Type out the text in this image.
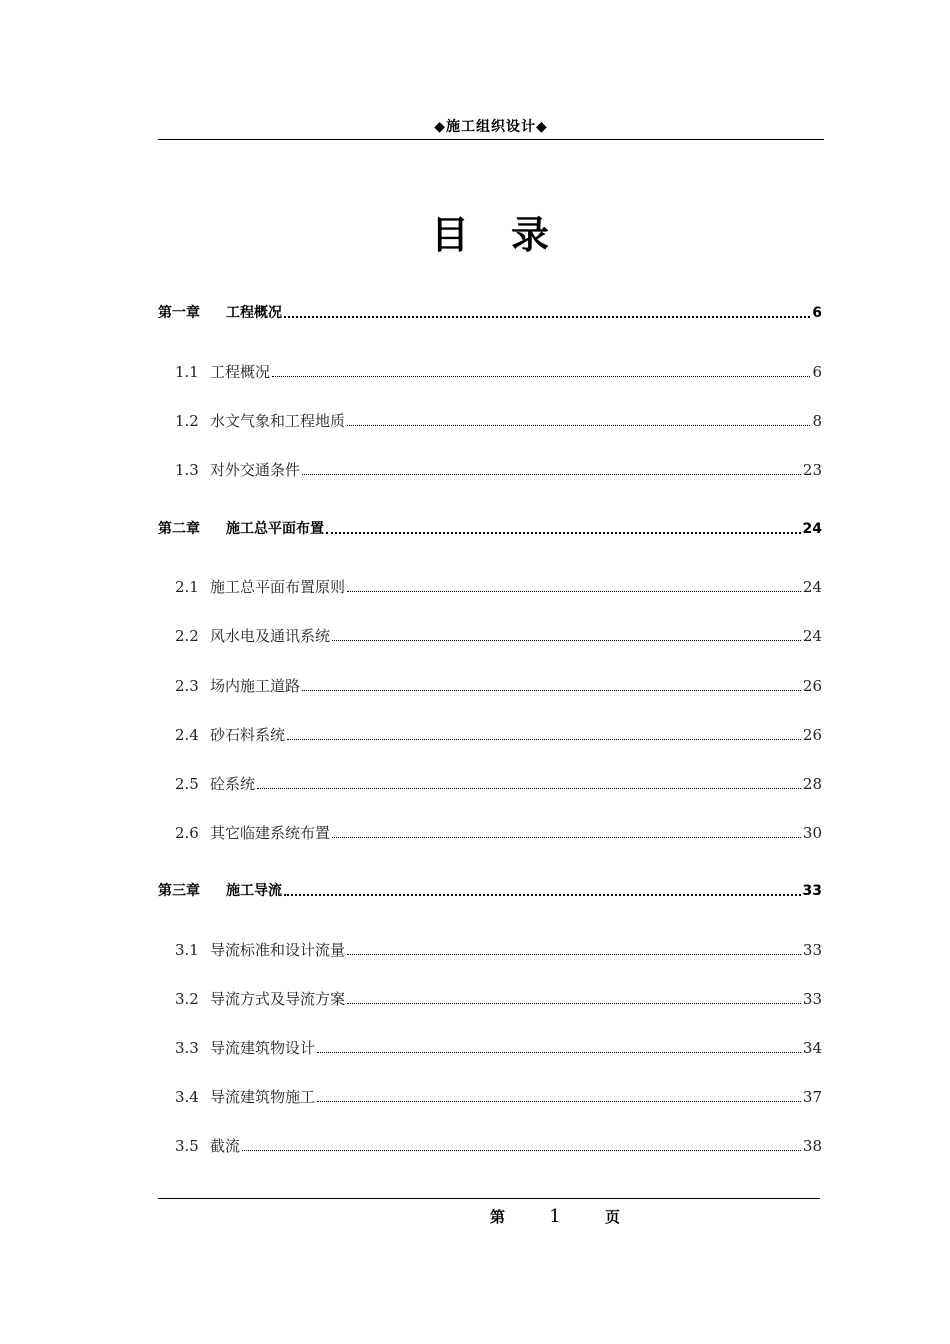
◆施工组织设计◆
目 录
第一章	工程概况	6
1.1 工程概况	6
1.2 水文气象和工程地质	8
1.3 对外交通条件	23
第二章	施工总平面布置	24
2.1 施工总平面布置原则	24
2.2 风水电及通讯系统	24
2.3 场内施工道路	26
2.4 砂石料系统	26
2.5 砼系统	28
2.6 其它临建系统布置	30
第三章	施工导流	33
3.1 导流标准和设计流量	33
3.2 导流方式及导流方案	33
3.3 导流建筑物设计	34
3.4 导流建筑物施工	37
3.5 截流	38
第 1	页
